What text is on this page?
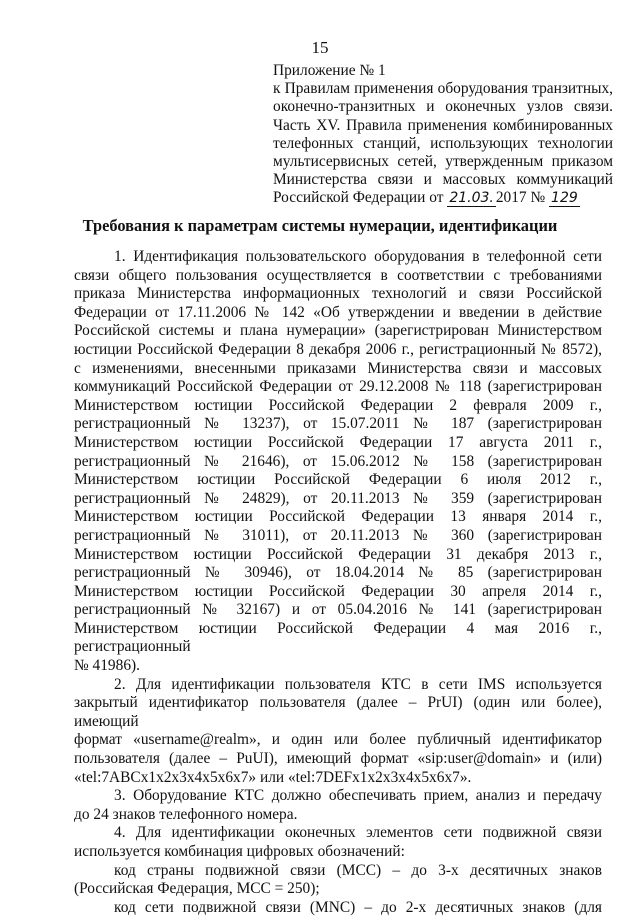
15
Приложение № 1
к Правилам применения оборудования транзитных,
оконечно-транзитных и оконечных узлов связи.
Часть XV. Правила применения комбинированных
телефонных станций, использующих технологии
мультисервисных сетей, утвержденным приказом
Министерства связи и массовых коммуникаций
Российской Федерации от 21.03. 2017 № 129
Требования к параметрам системы нумерации, идентификации

1. Идентификация пользовательского оборудования в телефонной сети

связи общего пользования осуществляется в соответствии с требованиями

приказа Министерства информационных технологий и связи Российской

Федерации от 17.11.2006 № 142 «Об утверждении и введении в действие

Российской системы и плана нумерации» (зарегистрирован Министерством

юстиции Российской Федерации 8 декабря 2006 г., регистрационный № 8572),

с изменениями, внесенными приказами Министерства связи и массовых

коммуникаций Российской Федерации от 29.12.2008 № 118 (зарегистрирован

Министерством юстиции Российской Федерации 2 февраля 2009 г.,

регистрационный № 13237), от 15.07.2011 № 187 (зарегистрирован

Министерством юстиции Российской Федерации 17 августа 2011 г.,

регистрационный № 21646), от 15.06.2012 № 158 (зарегистрирован

Министерством юстиции Российской Федерации 6 июля 2012 г.,

регистрационный № 24829), от 20.11.2013 № 359 (зарегистрирован

Министерством юстиции Российской Федерации 13 января 2014 г.,

регистрационный № 31011), от 20.11.2013 № 360 (зарегистрирован

Министерством юстиции Российской Федерации 31 декабря 2013 г.,

регистрационный № 30946), от 18.04.2014 № 85 (зарегистрирован

Министерством юстиции Российской Федерации 30 апреля 2014 г.,

регистрационный № 32167) и от 05.04.2016 № 141 (зарегистрирован

Министерством юстиции Российской Федерации 4 мая 2016 г., регистрационный

№ 41986).

2. Для идентификации пользователя КТС в сети IMS используется

закрытый идентификатор пользователя (далее – PrUI) (один или более), имеющий

формат «username@realm», и один или более публичный идентификатор

пользователя (далее – PuUI), имеющий формат «sip:user@domain» и (или)

«tel:7ABCx1x2x3x4x5x6x7» или «tel:7DEFx1x2x3x4x5x6x7».

3. Оборудование КТС должно обеспечивать прием, анализ и передачу

до 24 знаков телефонного номера.

4. Для идентификации оконечных элементов сети подвижной связи

используется комбинация цифровых обозначений:

код страны подвижной связи (MCC) – до 3-х десятичных знаков

(Российская Федерация, MCC = 250);

код сети подвижной связи (MNC) – до 2-х десятичных знаков (для
